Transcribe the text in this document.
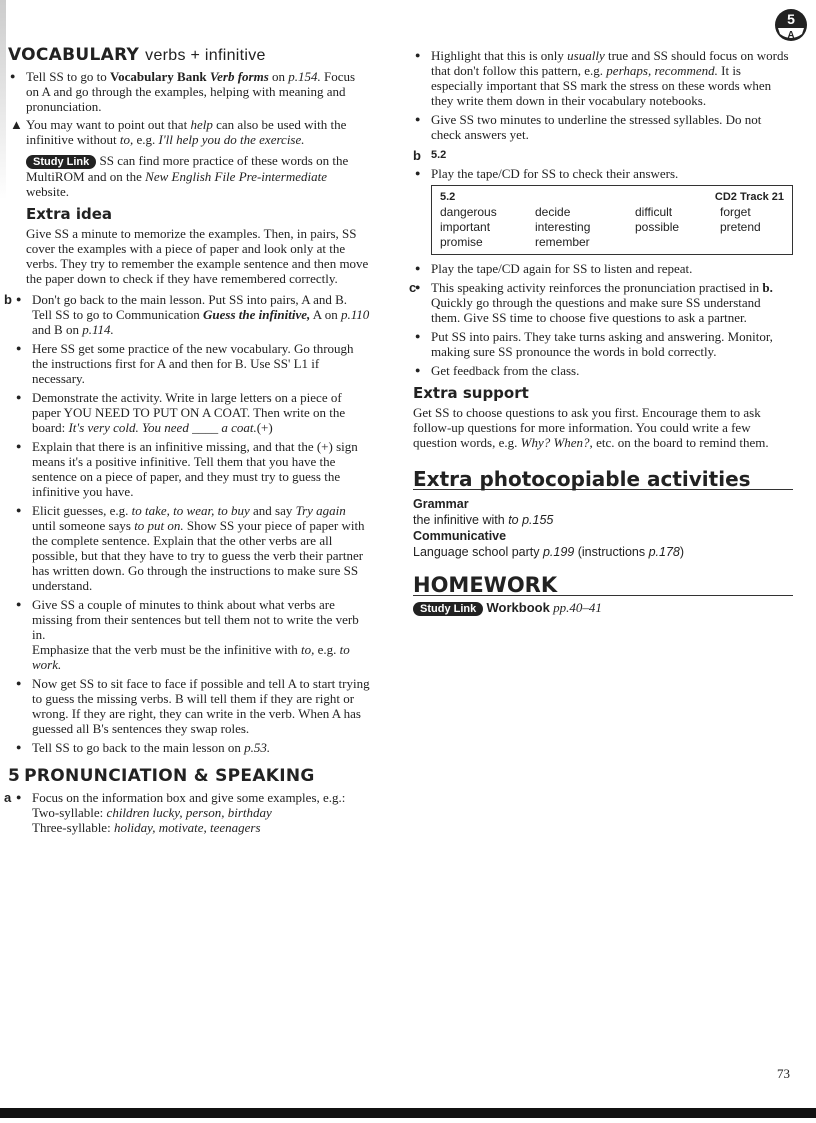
5
A
VOCABULARY verbs + infinitive

● Tell SS to go to Vocabulary Bank Verb forms on p.154. Focus on A and go through the examples, helping with meaning and pronunciation.

▲ You may want to point out that help can also be used with the infinitive without to, e.g. I'll help you do the exercise.

Study Link SS can find more practice of these words on the MultiROM and on the New English File Pre-intermediate website.

Extra idea

Give SS a minute to memorize the examples. Then, in pairs, SS cover the examples with a piece of paper and look only at the verbs. They try to remember the example sentence and then move the paper down to check if they have remembered correctly.

b	● Don't go back to the main lesson. Put SS into pairs, A and B. Tell SS to go to Communication Guess the infinitive, A on p.110 and B on p.114.
● Here SS get some practice of the new vocabulary. Go through the instructions first for A and then for B. Use SS' L1 if necessary.
● Demonstrate the activity. Write in large letters on a piece of paper YOU NEED TO PUT ON A COAT. Then write on the board: It's very cold. You need ____ a coat.(+)
● Explain that there is an infinitive missing, and that the (+) sign means it's a positive infinitive. Tell them that you have the sentence on a piece of paper, and they must try to guess the infinitive you have.
● Elicit guesses, e.g. to take, to wear, to buy and say Try again until someone says to put on. Show SS your piece of paper with the complete sentence. Explain that the other verbs are all possible, but that they have to try to guess the verb their partner has written down. Go through the instructions to make sure SS understand.
● Give SS a couple of minutes to think about what verbs are missing from their sentences but tell them not to write the verb in.
Emphasize that the verb must be the infinitive with to, e.g. to work.
● Now get SS to sit face to face if possible and tell A to start trying to guess the missing verbs. B will tell them if they are right or wrong. If they are right, they can write in the verb. When A has guessed all B's sentences they swap roles.
● Tell SS to go back to the main lesson on p.53.
5 PRONUNCIATION & SPEAKING
a	● Focus on the information box and give some examples, e.g.:
Two-syllable: children lucky, person, birthday
Three-syllable: holiday, motivate, teenagers
● Highlight that this is only usually true and SS should focus on words that don't follow this pattern, e.g. perhaps, recommend. It is especially important that SS mark the stress on these words when they write them down in their vocabulary notebooks.
● Give SS two minutes to underline the stressed syllables. Do not check answers yet.
b 5.2

● Play the tape/CD for SS to check their answers.
5.2	CD2 Track 21
dangerous	decide	difficult	forget
important	interesting	possible	pretend
promise	remember
● Play the tape/CD again for SS to listen and repeat.
c	● This speaking activity reinforces the pronunciation practised in b. Quickly go through the questions and make sure SS understand them. Give SS time to choose five questions to ask a partner.
● Put SS into pairs. They take turns asking and answering. Monitor, making sure SS pronounce the words in bold correctly.
● Get feedback from the class.
Extra support

Get SS to choose questions to ask you first. Encourage them to ask follow-up questions for more information. You could write a few question words, e.g. Why? When?, etc. on the board to remind them.

Extra photocopiable activities
Grammar
the infinitive with to p.155
Communicative
Language school party p.199 (instructions p.178)
HOMEWORK
Study Link Workbook pp.40–41
73
